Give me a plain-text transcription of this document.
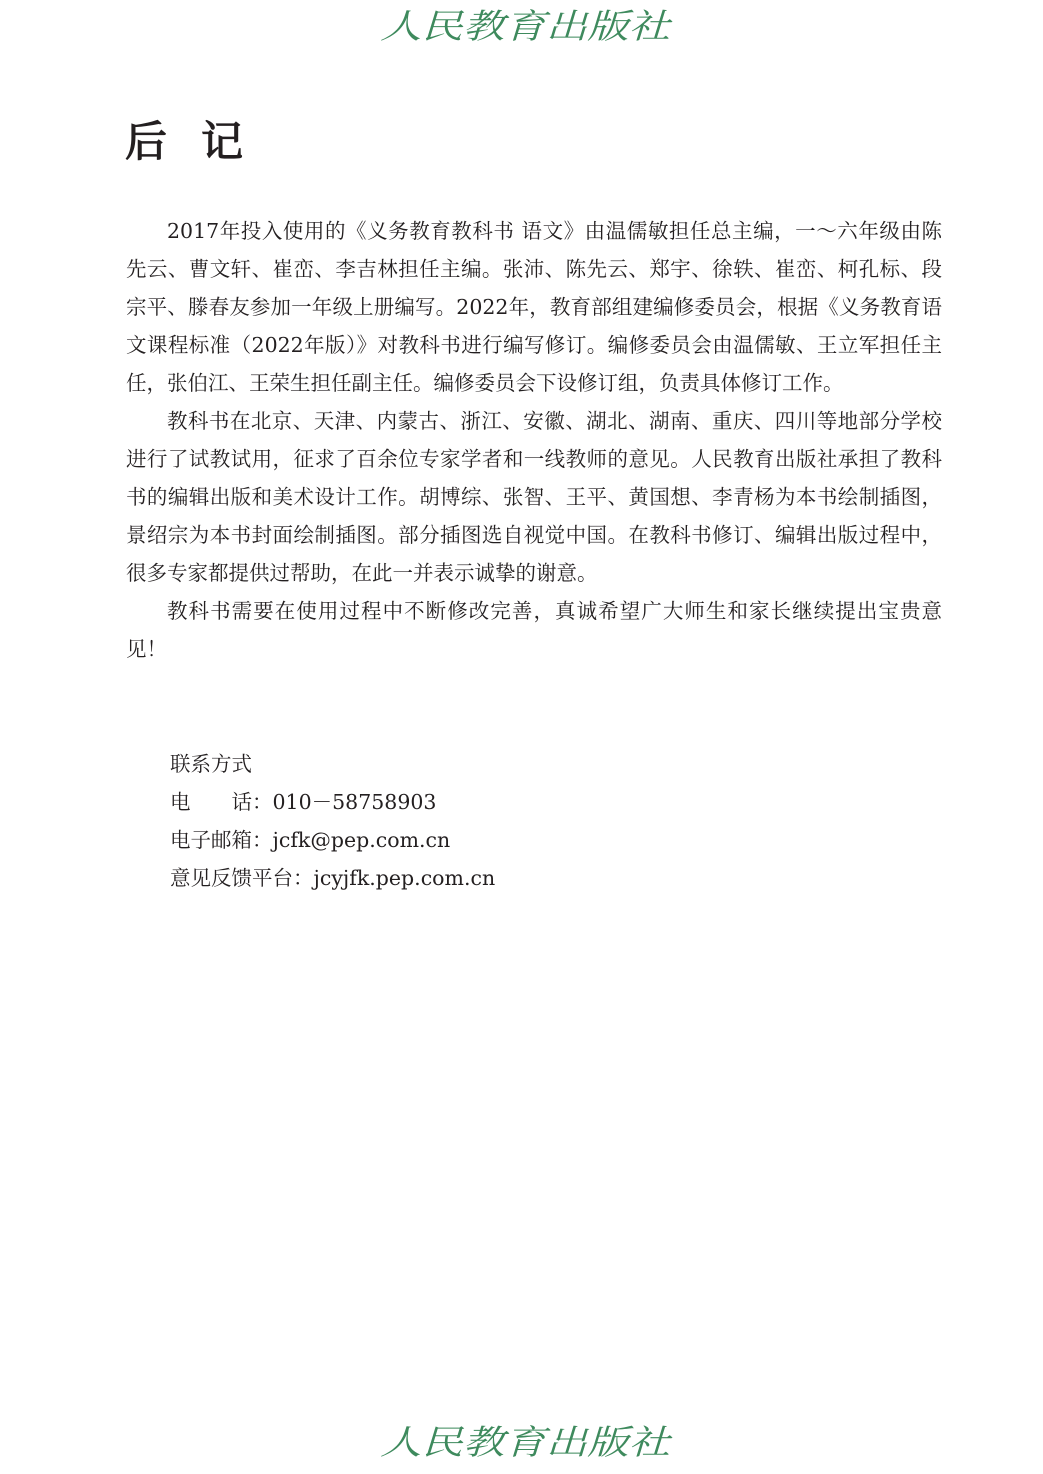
人民教育出版社
后记

2017年投入使用的《义务教育教科书 语文》由温儒敏担任总主编，一～六年级由陈先云、曹文轩、崔峦、李吉林担任主编。张沛、陈先云、郑宇、徐轶、崔峦、柯孔标、段宗平、滕春友参加一年级上册编写。2022年，教育部组建编修委员会，根据《义务教育语文课程标准（2022年版）》对教科书进行编写修订。编修委员会由温儒敏、王立军担任主任，张伯江、王荣生担任副主任。编修委员会下设修订组，负责具体修订工作。

教科书在北京、天津、内蒙古、浙江、安徽、湖北、湖南、重庆、四川等地部分学校进行了试教试用，征求了百余位专家学者和一线教师的意见。人民教育出版社承担了教科书的编辑出版和美术设计工作。胡博综、张智、王平、黄国想、李青杨为本书绘制插图，景绍宗为本书封面绘制插图。部分插图选自视觉中国。在教科书修订、编辑出版过程中，很多专家都提供过帮助，在此一并表示诚挚的谢意。

教科书需要在使用过程中不断修改完善，真诚希望广大师生和家长继续提出宝贵意见！

联系方式
电　　话：010－58758903
电子邮箱：jcfk@pep.com.cn
意见反馈平台：jcyjfk.pep.com.cn
人民教育出版社
